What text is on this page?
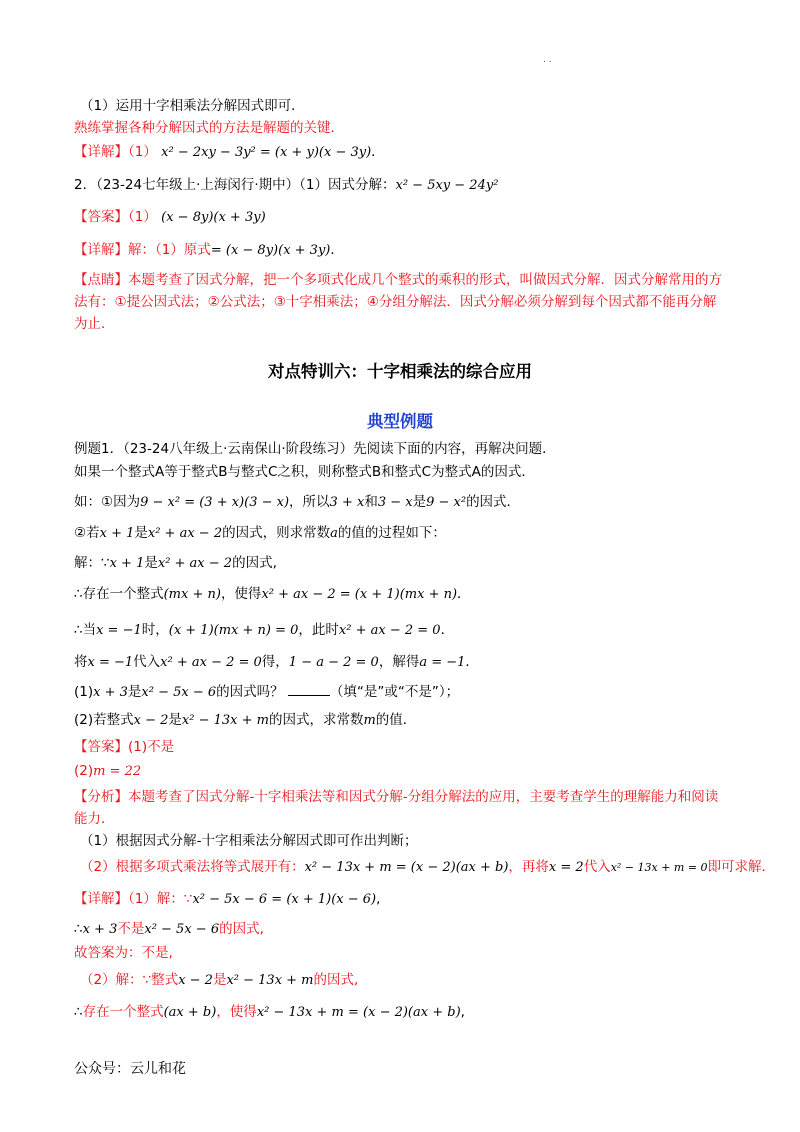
. .
（1）运用十字相乘法分解因式即可．
熟练掌握各种分解因式的方法是解题的关键．
【详解】（1） x² − 2xy − 3y² = (x + y)(x − 3y)．
2．（23-24七年级上·上海闵行·期中）（1）因式分解：x² − 5xy − 24y²
【答案】（1） (x − 8y)(x + 3y)
【详解】解：（1）原式= (x − 8y)(x + 3y)．
【点睛】本题考查了因式分解，把一个多项式化成几个整式的乘积的形式，叫做因式分解．因式分解常用的方法有：①提公因式法；②公式法；③十字相乘法；④分组分解法．因式分解必须分解到每个因式都不能再分解为止．
对点特训六：十字相乘法的综合应用
典型例题
例题1．（23-24八年级上·云南保山·阶段练习）先阅读下面的内容，再解决问题．
如果一个整式A等于整式B与整式C之积，则称整式B和整式C为整式A的因式．
如：①因为9 − x² = (3 + x)(3 − x)，所以3 + x和3 − x是9 − x²的因式．
②若x + 1是x² + ax − 2的因式，则求常数a的值的过程如下：
解：∵x + 1是x² + ax − 2的因式,
∴存在一个整式(mx + n)，使得x² + ax − 2 = (x + 1)(mx + n)．
∴当x = −1时，(x + 1)(mx + n) = 0，此时x² + ax − 2 = 0．
将x = −1代入x² + ax − 2 = 0得，1 − a − 2 = 0，解得a = −1．
(1)x + 3是x² − 5x − 6的因式吗？	（填“是”或“不是”）；
(2)若整式x − 2是x² − 13x + m的因式，求常数m的值．
【答案】(1)不是
(2)m = 22
【分析】本题考查了因式分解-十字相乘法等和因式分解-分组分解法的应用，主要考查学生的理解能力和阅读能力．
（1）根据因式分解-十字相乘法分解因式即可作出判断；
（2）根据多项式乘法将等式展开有：x² − 13x + m = (x − 2)(ax + b)，再将x = 2代入x² − 13x + m = 0即可求解．
【详解】（1）解：∵x² − 5x − 6 = (x + 1)(x − 6),
∴x + 3不是x² − 5x − 6的因式,
故答案为：不是,
（2）解：∵整式x − 2是x² − 13x + m的因式,
∴存在一个整式(ax + b)，使得x² − 13x + m = (x − 2)(ax + b),
公众号：云儿和花
